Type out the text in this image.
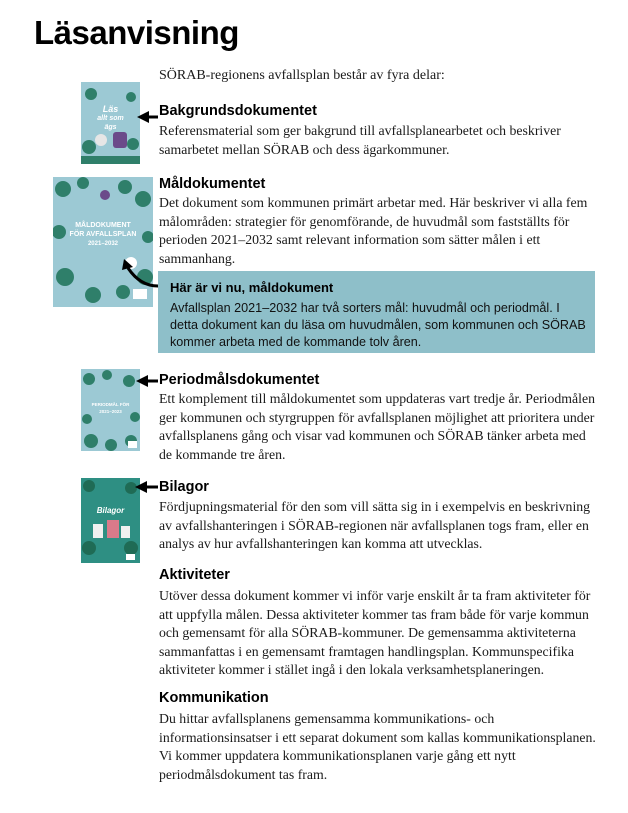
Läsanvisning
SÖRAB-regionens avfallsplan består av fyra delar:
Läs
allt som
ägs
MÅLDOKUMENT
FÖR AVFALLSPLAN
2021–2032
PERIODMÅL FÖR
2021–2023
Bilagor
Bakgrundsdokumentet
Referensmaterial som ger bakgrund till avfallsplanearbetet och beskriver samarbetet mellan SÖRAB och dess ägarkommuner.
Måldokumentet
Det dokument som kommunen primärt arbetar med. Här beskriver vi alla fem målområden: strategier för genomförande, de huvudmål som fastställts för perioden 2021–2032 samt relevant information som sätter målen i ett sammanhang.
Här är vi nu, måldokument
Avfallsplan 2021–2032 har två sorters mål: huvudmål och periodmål. I detta dokument kan du läsa om huvudmålen, som kommunen och SÖRAB kommer arbeta med de kommande tolv åren.
Periodmålsdokumentet
Ett komplement till måldokumentet som uppdateras vart tredje år. Periodmålen ger kommunen och styrgruppen för avfallsplanen möjlighet att prioritera under avfallsplanens gång och visar vad kommunen och SÖRAB tänker arbeta med de kommande tre åren.
Bilagor
Fördjupningsmaterial för den som vill sätta sig in i exempelvis en beskrivning av avfallshanteringen i SÖRAB-regionen när avfallsplanen togs fram, eller en analys av hur avfallshanteringen kan komma att utvecklas.
Aktiviteter
Utöver dessa dokument kommer vi inför varje enskilt år ta fram aktiviteter för att uppfylla målen. Dessa aktiviteter kommer tas fram både för varje kommun och gemensamt för alla SÖRAB-kommuner. De gemensamma aktiviteterna sammanfattas i en gemensamt framtagen handlingsplan. Kommunspecifika aktiviteter kommer i stället ingå i den lokala verksamhetsplaneringen.
Kommunikation
Du hittar avfallsplanens gemensamma kommunikations- och informationsinsatser i ett separat dokument som kallas kommunikationsplanen. Vi kommer uppdatera kommunikationsplanen varje gång ett nytt periodmålsdokument tas fram.
